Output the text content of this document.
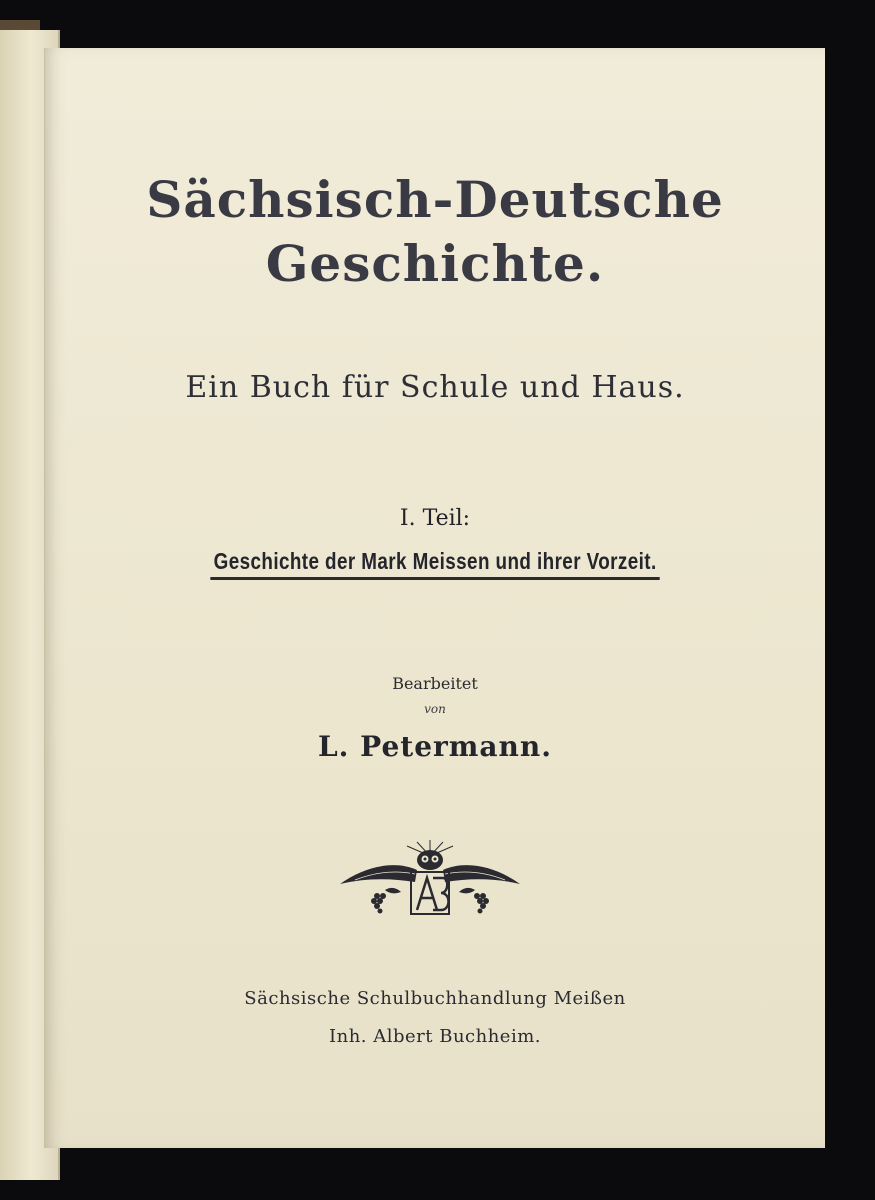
Sächsisch-Deutsche
Geschichte.
Ein Buch für Schule und Haus.
I. Teil:
Geschichte der Mark Meissen und ihrer Vorzeit.
Bearbeitet
von
L. Petermann.
Sächsische Schulbuchhandlung Meißen
Inh. Albert Buchheim.
